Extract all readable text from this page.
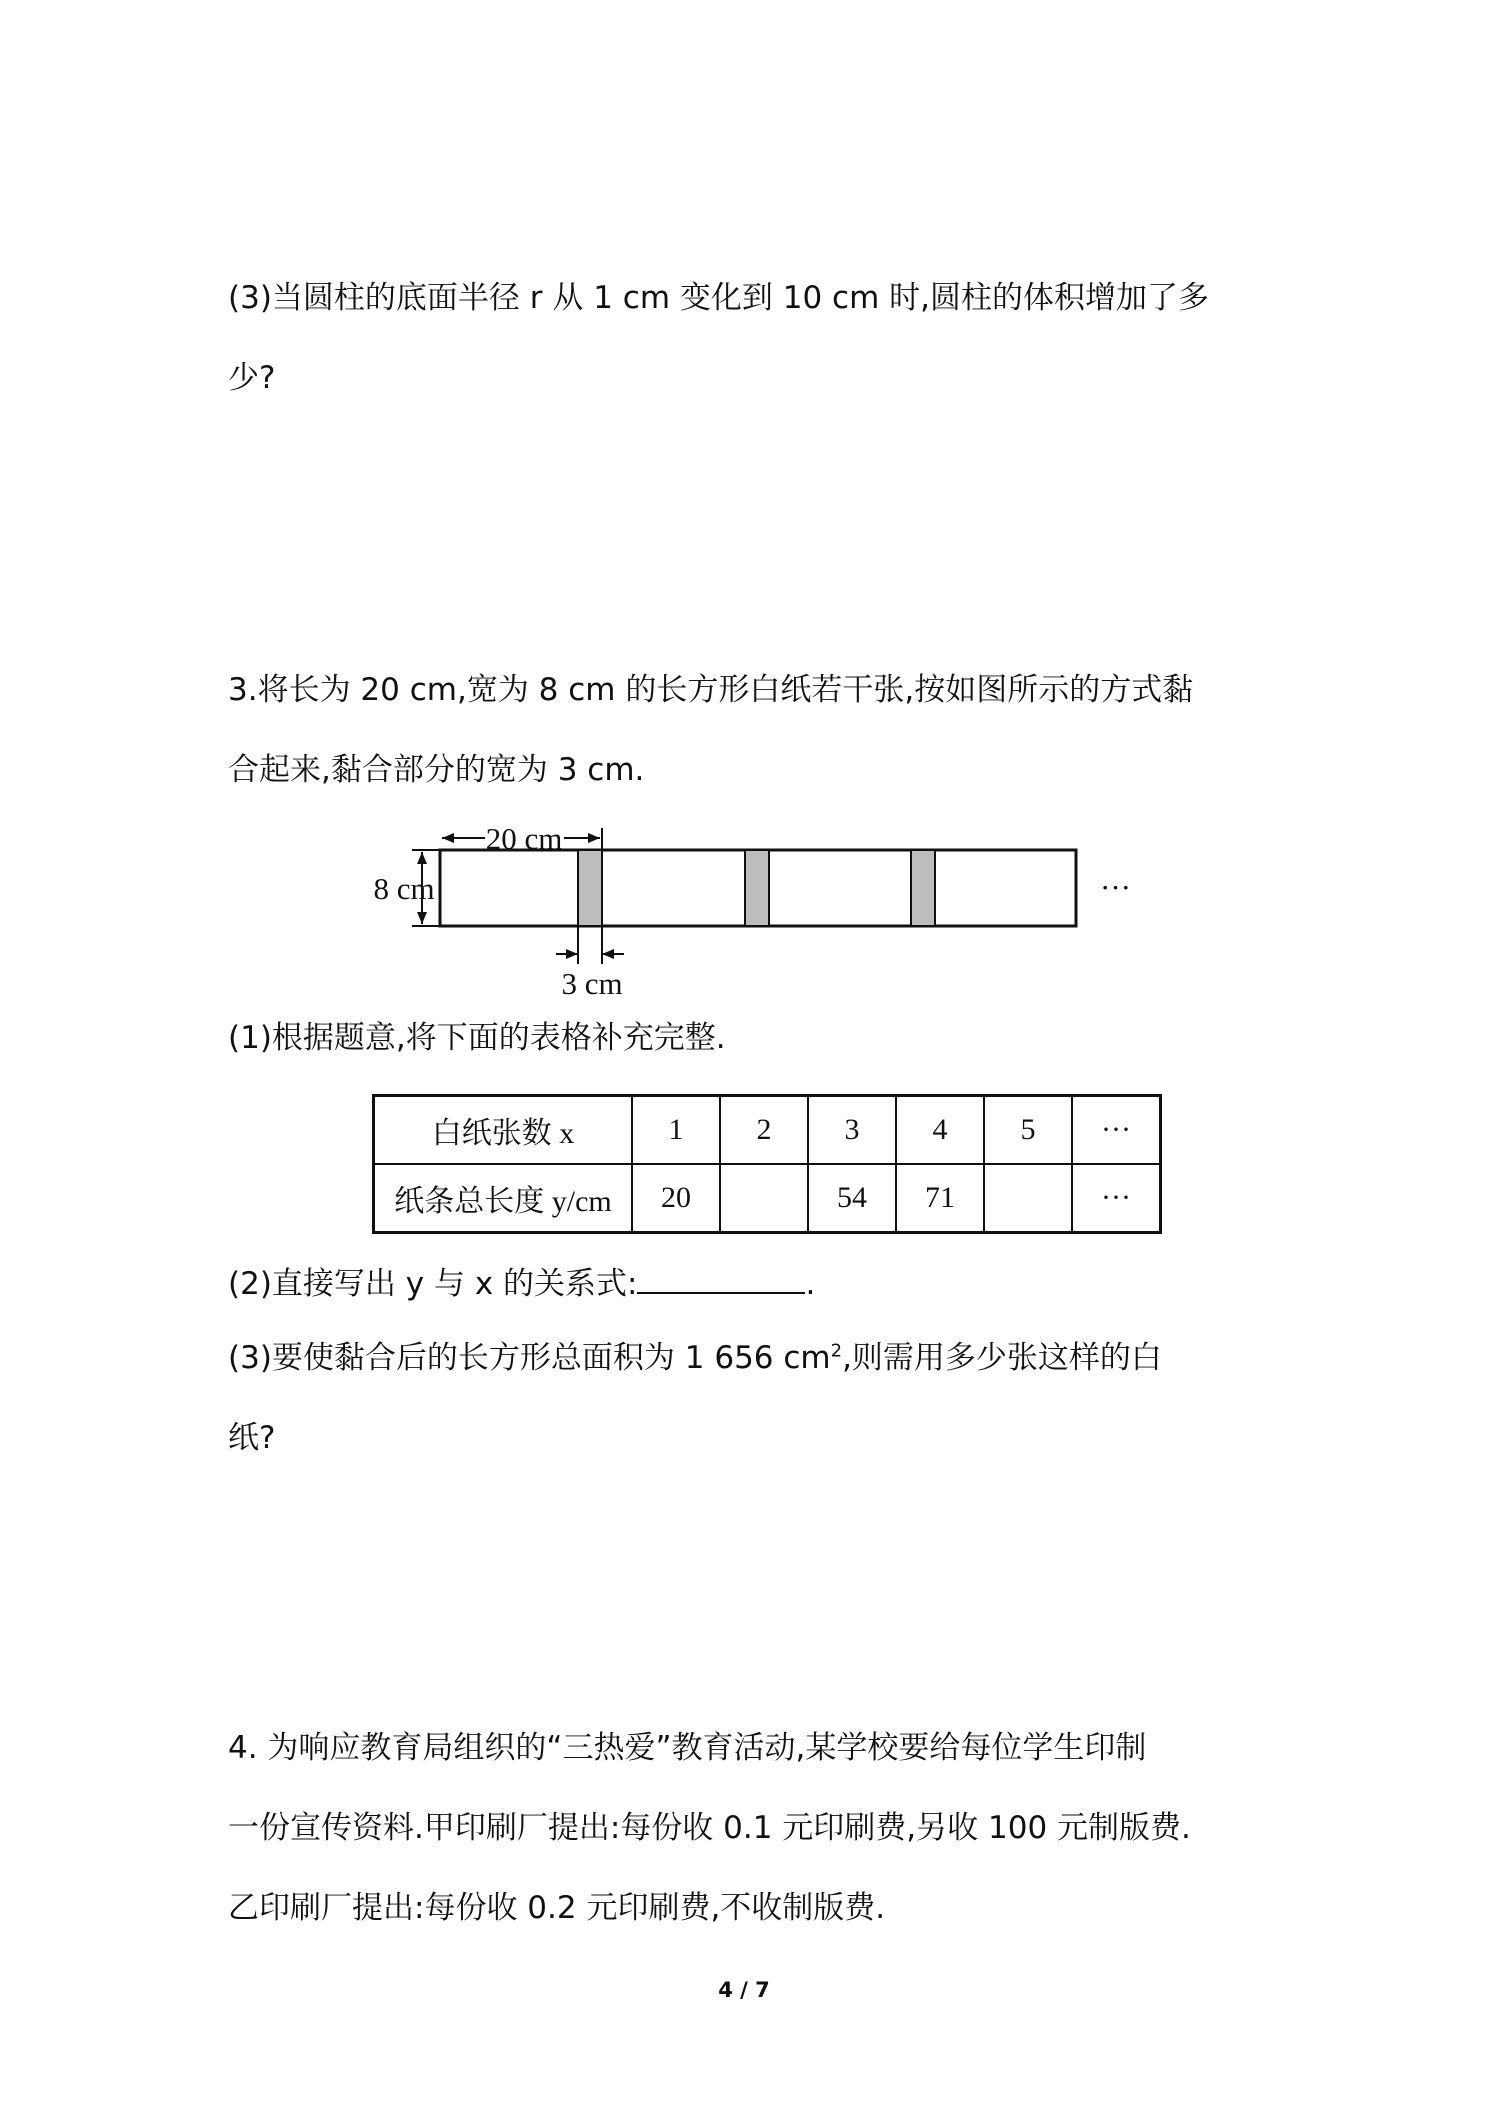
(3)当圆柱的底面半径 r 从 1 cm 变化到 10 cm 时,圆柱的体积增加了多
少?
3.将长为 20 cm,宽为 8 cm 的长方形白纸若干张,按如图所示的方式黏
合起来,黏合部分的宽为 3 cm.
20 cm
8 cm
3 cm
···
(1)根据题意,将下面的表格补充完整.
白纸张数 x	1	2	3	4	5	···
纸条总长度 y/cm	20		54	71		···
(2)直接写出 y 与 x 的关系式:	.
(3)要使黏合后的长方形总面积为 1 656 $cm^2$,则需用多少张这样的白
纸?
4. 为响应教育局组织的“三热爱”教育活动,某学校要给每位学生印制
一份宣传资料.甲印刷厂提出:每份收 0.1 元印刷费,另收 100 元制版费.
乙印刷厂提出:每份收 0.2 元印刷费,不收制版费.
4 / 7
